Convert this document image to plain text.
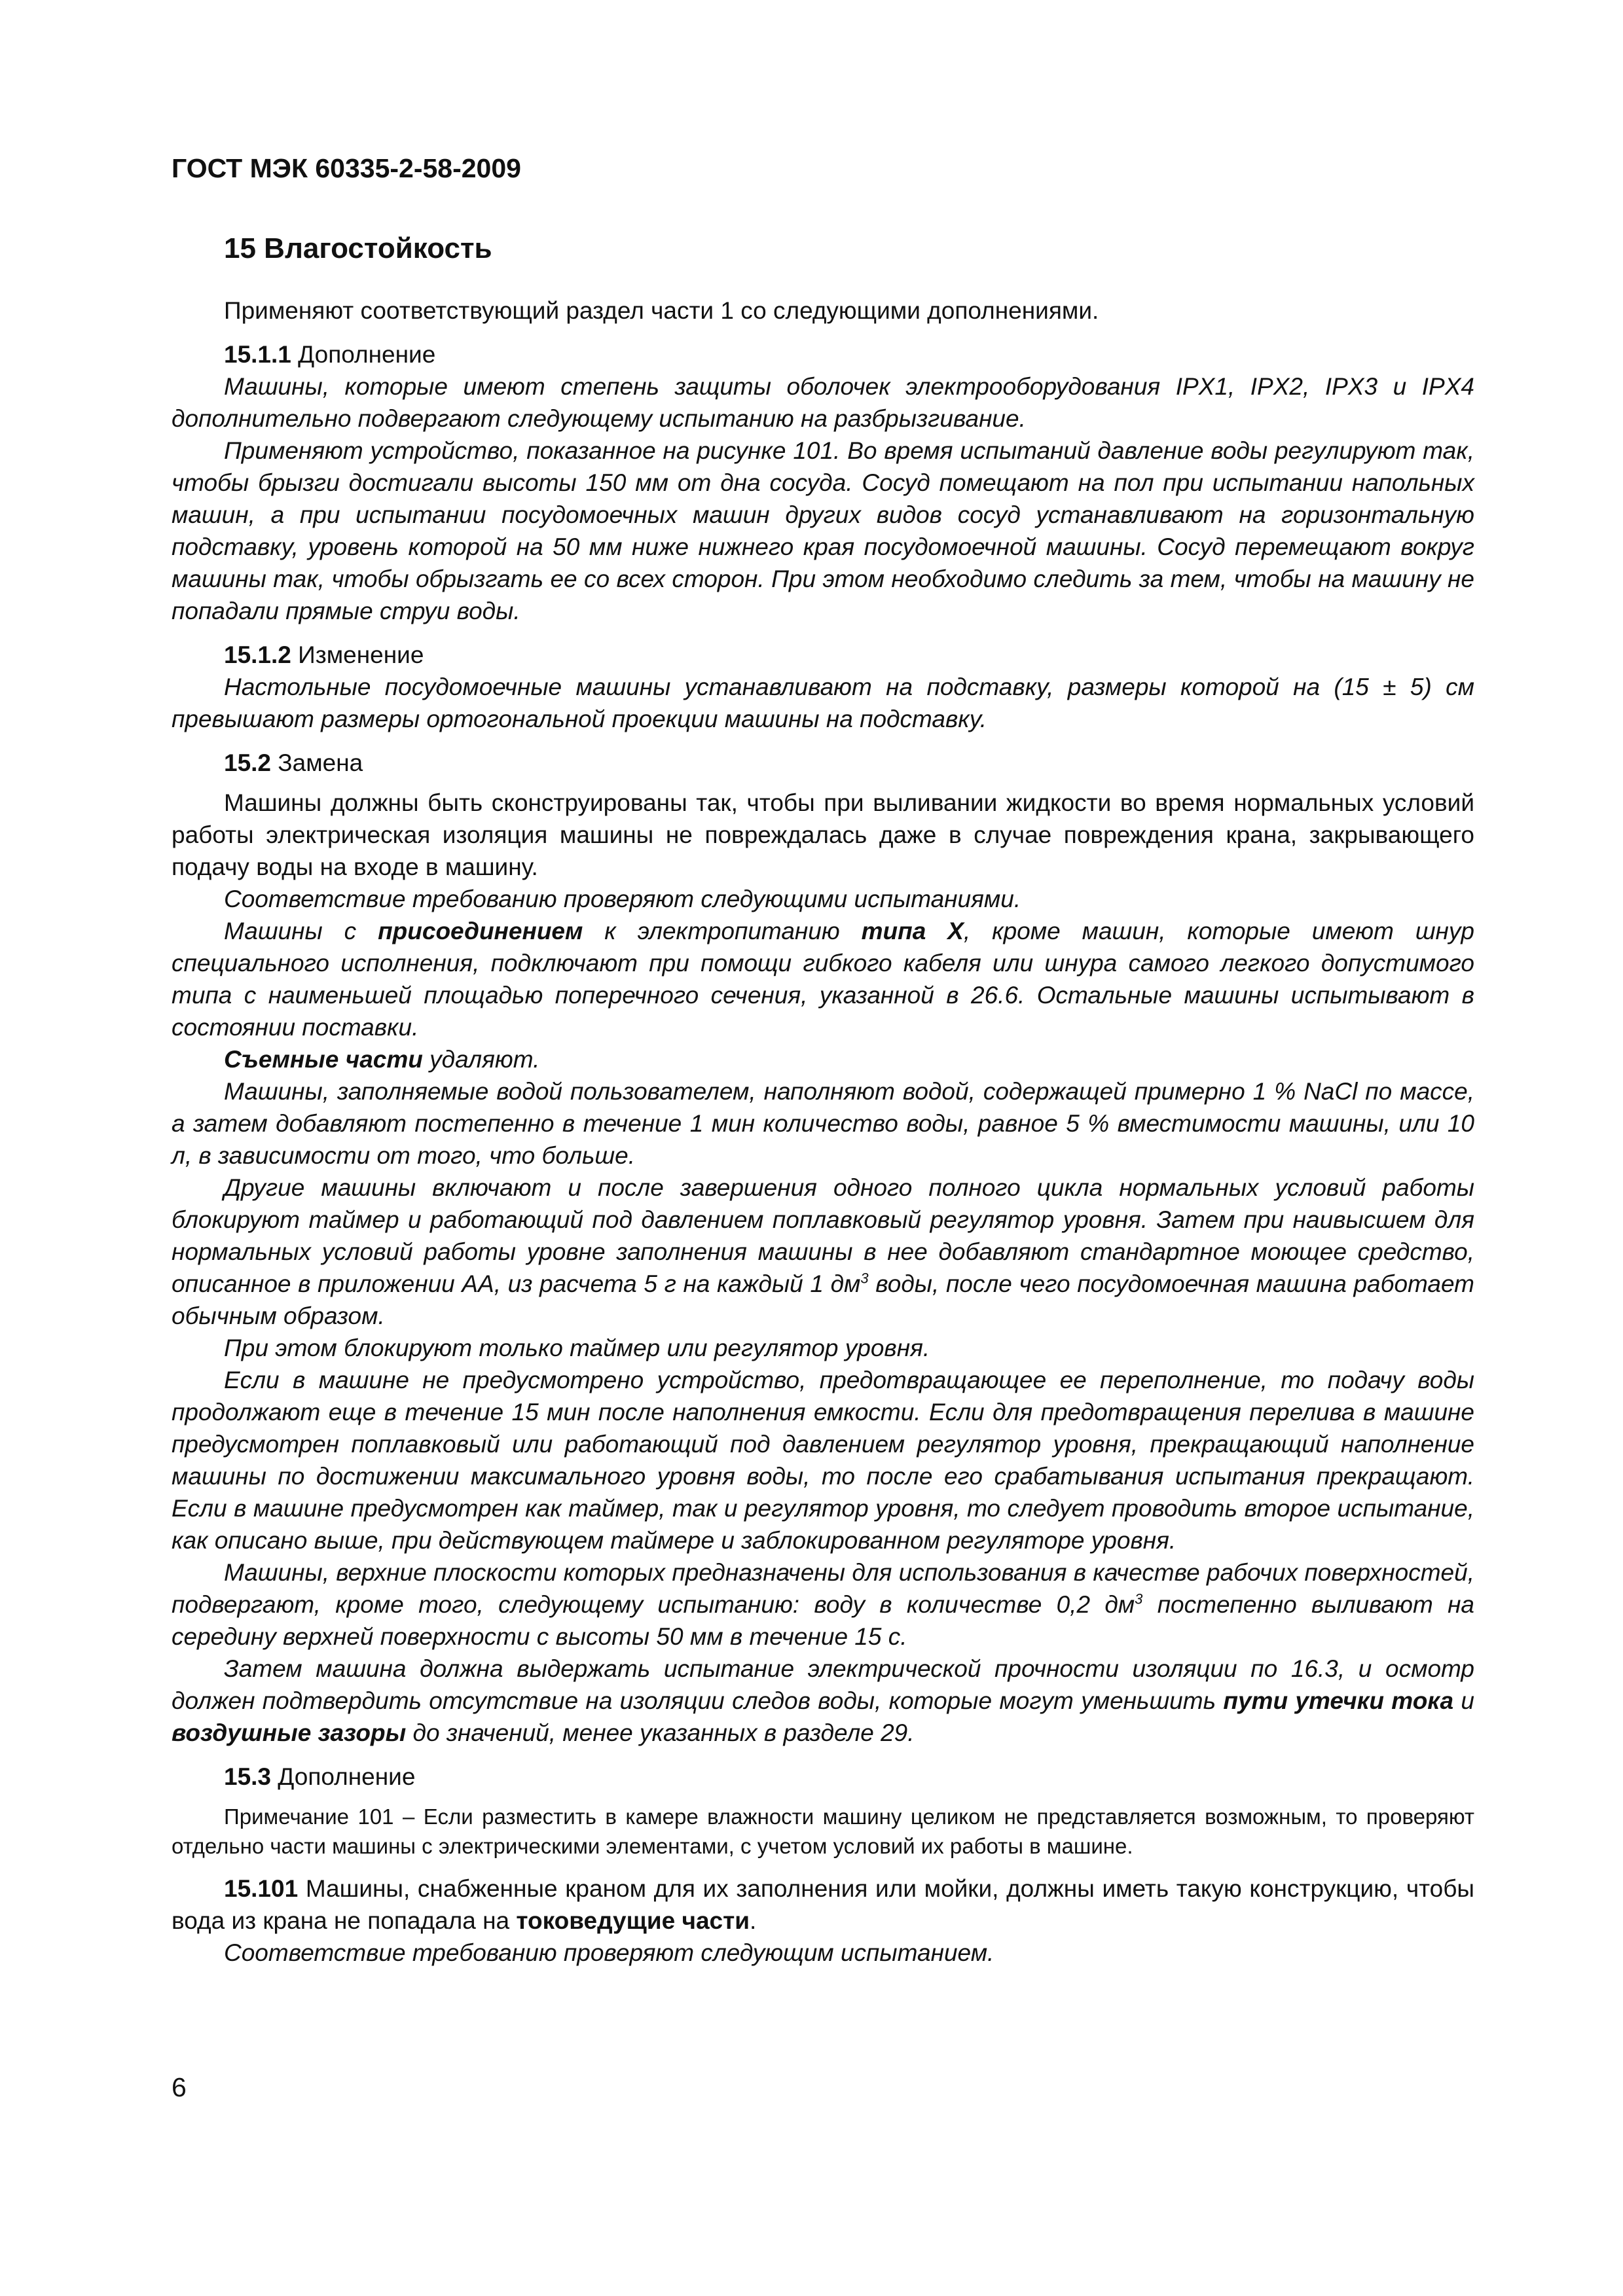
ГОСТ МЭК 60335-2-58-2009
15 Влагостойкость

Применяют соответствующий раздел части 1 со следующими дополнениями.

15.1.1 Дополнение

Машины, которые имеют степень защиты оболочек электрооборудования IPX1, IPX2, IPX3 и IPX4 дополнительно подвергают следующему испытанию на разбрызгивание.

Применяют устройство, показанное на рисунке 101. Во время испытаний давление воды регулируют так, чтобы брызги достигали высоты 150 мм от дна сосуда. Сосуд помещают на пол при испытании напольных машин, а при испытании посудомоечных машин других видов сосуд устанавливают на горизонтальную подставку, уровень которой на 50 мм ниже нижнего края посудомоечной машины. Сосуд перемещают вокруг машины так, чтобы обрызгать ее со всех сторон. При этом необходимо следить за тем, чтобы на машину не попадали прямые струи воды.

15.1.2 Изменение

Настольные посудомоечные машины устанавливают на подставку, размеры которой на (15 ± 5) см превышают размеры ортогональной проекции машины на подставку.

15.2 Замена

Машины должны быть сконструированы так, чтобы при выливании жидкости во время нормальных условий работы электрическая изоляция машины не повреждалась даже в случае повреждения крана, закрывающего подачу воды на входе в машину.

Соответствие требованию проверяют следующими испытаниями.

Машины с присоединением к электропитанию типа X, кроме машин, которые имеют шнур специального исполнения, подключают при помощи гибкого кабеля или шнура самого легкого допустимого типа с наименьшей площадью поперечного сечения, указанной в 26.6. Остальные машины испытывают в состоянии поставки.

Съемные части удаляют.

Машины, заполняемые водой пользователем, наполняют водой, содержащей примерно 1 % NaCl по массе, а затем добавляют постепенно в течение 1 мин количество воды, равное 5 % вместимости машины, или 10 л, в зависимости от того, что больше.

Другие машины включают и после завершения одного полного цикла нормальных условий работы блокируют таймер и работающий под давлением поплавковый регулятор уровня. Затем при наивысшем для нормальных условий работы уровне заполнения машины в нее добавляют стандартное моющее средство, описанное в приложении АА, из расчета 5 г на каждый 1 $дм^3$ воды, после чего посудомоечная машина работает обычным образом.

При этом блокируют только таймер или регулятор уровня.

Если в машине не предусмотрено устройство, предотвращающее ее переполнение, то подачу воды продолжают еще в течение 15 мин после наполнения емкости. Если для предотвращения перелива в машине предусмотрен поплавковый или работающий под давлением регулятор уровня, прекращающий наполнение машины по достижении максимального уровня воды, то после его срабатывания испытания прекращают. Если в машине предусмотрен как таймер, так и регулятор уровня, то следует проводить второе испытание, как описано выше, при действующем таймере и заблокированном регуляторе уровня.

Машины, верхние плоскости которых предназначены для использования в качестве рабочих поверхностей, подвергают, кроме того, следующему испытанию: воду в количестве 0,2 $дм^3$ постепенно выливают на середину верхней поверхности с высоты 50 мм в течение 15 с.

Затем машина должна выдержать испытание электрической прочности изоляции по 16.3, и осмотр должен подтвердить отсутствие на изоляции следов воды, которые могут уменьшить пути утечки тока и воздушные зазоры до значений, менее указанных в разделе 29.

15.3 Дополнение

Примечание 101 – Если разместить в камере влажности машину целиком не представляется возможным, то проверяют отдельно части машины с электрическими элементами, с учетом условий их работы в машине.

15.101 Машины, снабженные краном для их заполнения или мойки, должны иметь такую конструкцию, чтобы вода из крана не попадала на токоведущие части.

Соответствие требованию проверяют следующим испытанием.

6
